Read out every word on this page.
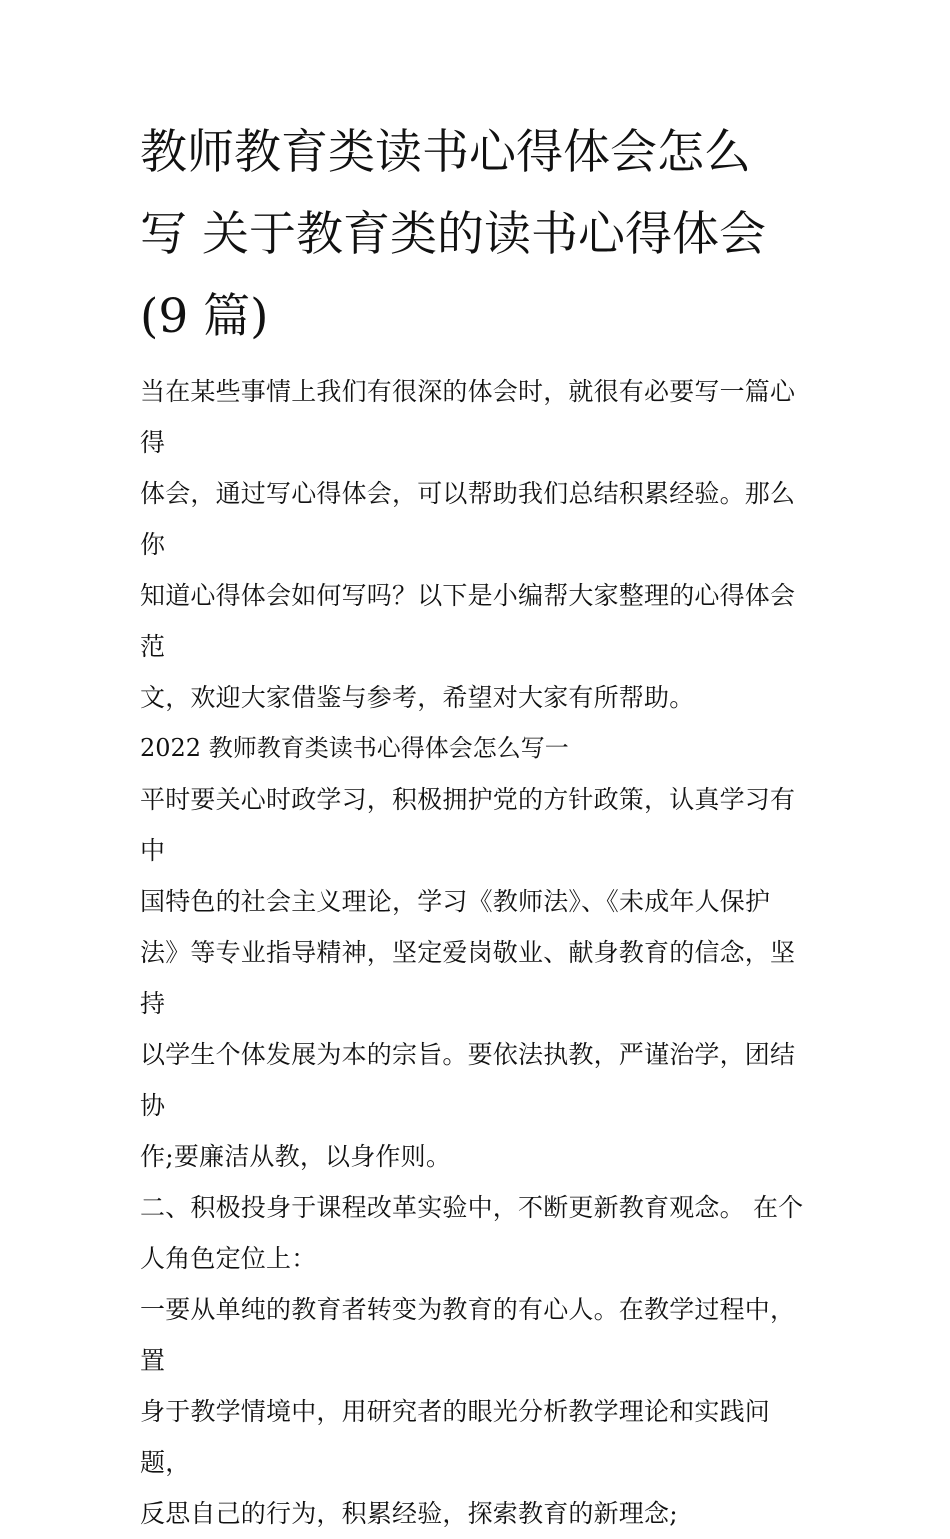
教师教育类读书心得体会怎么
写 关于教育类的读书心得体会
(9 篇)
当在某些事情上我们有很深的体会时，就很有必要写一篇心得
体会，通过写心得体会，可以帮助我们总结积累经验。那么你
知道心得体会如何写吗？以下是小编帮大家整理的心得体会范
文，欢迎大家借鉴与参考，希望对大家有所帮助。
2022 教师教育类读书心得体会怎么写一
平时要关心时政学习，积极拥护党的方针政策，认真学习有中
国特色的社会主义理论，学习《教师法》、《未成年人保护
法》等专业指导精神，坚定爱岗敬业、献身教育的信念，坚持
以学生个体发展为本的宗旨。要依法执教，严谨治学，团结协
作;要廉洁从教，以身作则。
二、积极投身于课程改革实验中，不断更新教育观念。 在个
人角色定位上：
一要从单纯的教育者转变为教育的有心人。在教学过程中，置
身于教学情境中，用研究者的眼光分析教学理论和实践问题，
反思自己的行为，积累经验，探索教育的新理念;
